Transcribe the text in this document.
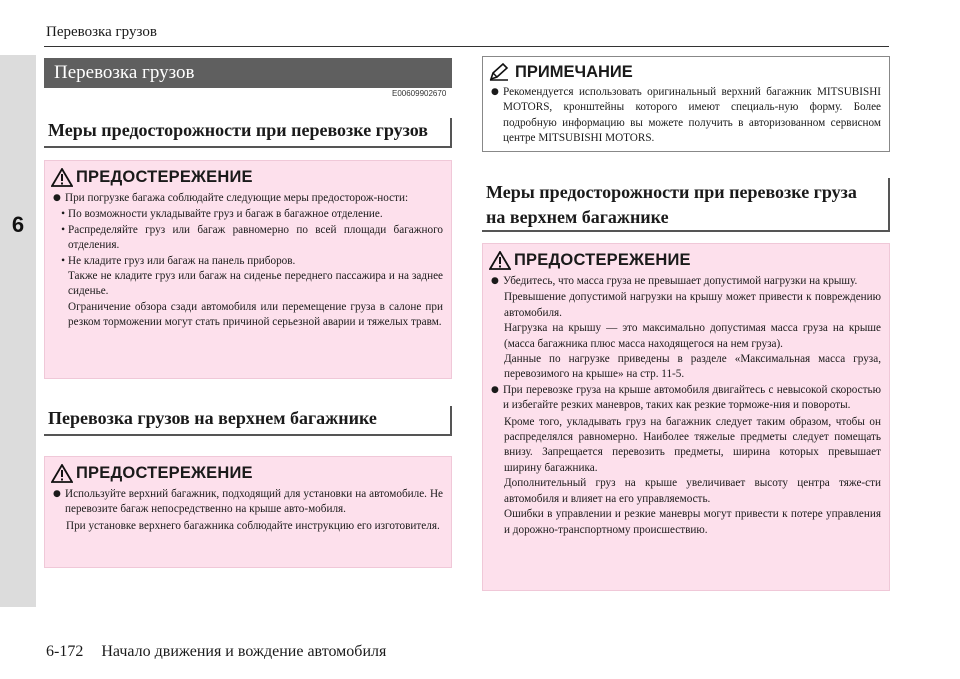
6
Перевозка грузов
Перевозка грузов
E00609902670
Меры предосторожности при перевозке грузов
ПРЕДОСТЕРЕЖЕНИЕ
● При погрузке багажа соблюдайте следующие меры предосторож-ности:
• По возможности укладывайте груз и багаж в багажное отделение.
• Распределяйте груз или багаж равномерно по всей площади багажного отделения.
• Не кладите груз или багаж на панель приборов.
Также не кладите груз или багаж на сиденье переднего пассажира и на заднее сиденье.
Ограничение обзора сзади автомобиля или перемещение груза в салоне при резком торможении могут стать причиной серьезной аварии и тяжелых травм.
Перевозка грузов на верхнем багажнике
ПРЕДОСТЕРЕЖЕНИЕ
● Используйте верхний багажник, подходящий для установки на автомобиле. Не перевозите багаж непосредственно на крыше авто-мобиля.
При установке верхнего багажника соблюдайте инструкцию его изготовителя.
ПРИМЕЧАНИЕ
● Рекомендуется использовать оригинальный верхний багажник MITSUBISHI MOTORS, кронштейны которого имеют специаль-ную форму. Более подробную информацию вы можете получить в авторизованном сервисном центре MITSUBISHI MOTORS.
Меры предосторожности при перевозке груза
на верхнем багажнике
ПРЕДОСТЕРЕЖЕНИЕ
● Убедитесь, что масса груза не превышает допустимой нагрузки на крышу.
Превышение допустимой нагрузки на крышу может привести к повреждению автомобиля.
Нагрузка на крышу — это максимально допустимая масса груза на крыше (масса багажника плюс масса находящегося на нем груза).
Данные по нагрузке приведены в разделе «Максимальная масса груза, перевозимого на крыше» на стр. 11-5.
● При перевозке груза на крыше автомобиля двигайтесь с невысокой скоростью и избегайте резких маневров, таких как резкие торможе-ния и повороты.
Кроме того, укладывать груз на багажник следует таким образом, чтобы он распределялся равномерно. Наиболее тяжелые предметы следует помещать внизу. Запрещается перевозить предметы, ширина которых превышает ширину багажника.
Дополнительный груз на крыше увеличивает высоту центра тяже-сти автомобиля и влияет на его управляемость.
Ошибки в управлении и резкие маневры могут привести к потере управления и дорожно-транспортному происшествию.
6-172 Начало движения и вождение автомобиля
